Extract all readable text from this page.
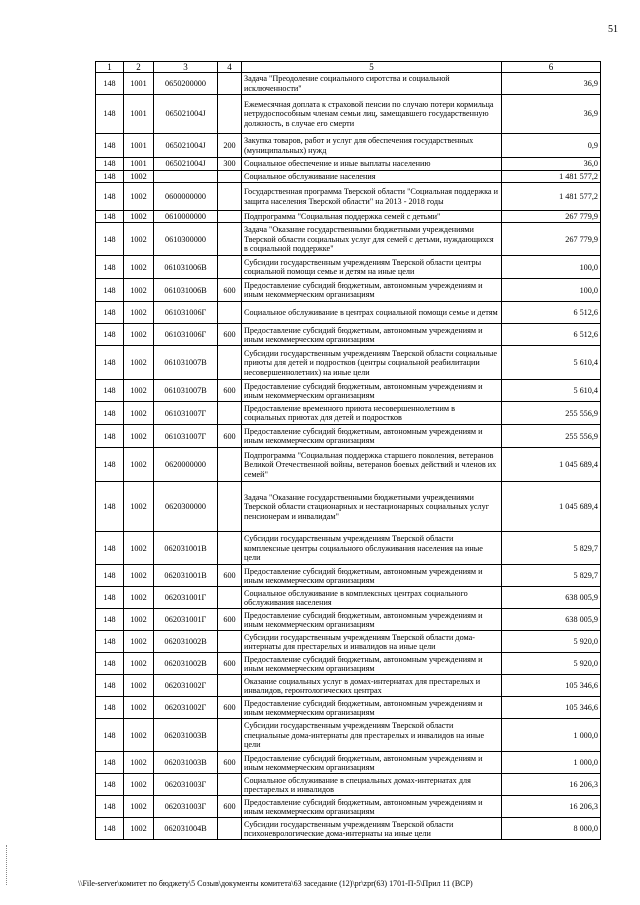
51
1	2	3	4	5	6
148	1001	0650200000		Задача "Преодоление социального сиротства и социальной исключенности"	36,9
148	1001	065021004J		Ежемесячная доплата к страховой пенсии по случаю потери кормильца нетрудоспособным членам семьи лиц, замещавшего государственную должность, в случае его смерти	36,9
148	1001	065021004J	200	Закупка товаров, работ и услуг для обеспечения государственных (муниципальных) нужд	0,9
148	1001	065021004J	300	Социальное обеспечение и иные выплаты населению	36,0
148	1002			Социальное обслуживание населения	1 481 577,2
148	1002	0600000000		Государственная программа Тверской области "Социальная поддержка и защита населения Тверской области" на 2013 - 2018 годы	1 481 577,2
148	1002	0610000000		Подпрограмма "Социальная поддержка семей с детьми"	267 779,9
148	1002	0610300000		Задача "Оказание государственными бюджетными учреждениями Тверской области социальных услуг для семей с детьми, нуждающихся в социальной поддержке"	267 779,9
148	1002	061031006В		Субсидии государственным учреждениям Тверской области центры социальной помощи семье и детям на иные цели	100,0
148	1002	061031006В	600	Предоставление субсидий бюджетным, автономным учреждениям и иным некоммерческим организациям	100,0
148	1002	061031006Г		Социальное обслуживание в центрах социальной помощи семье и детям	6 512,6
148	1002	061031006Г	600	Предоставление субсидий бюджетным, автономным учреждениям и иным некоммерческим организациям	6 512,6
148	1002	061031007В		Субсидии государственным учреждениям Тверской области социальные приюты для детей и подростков (центры социальной реабилитации несовершеннолетних) на иные цели	5 610,4
148	1002	061031007В	600	Предоставление субсидий бюджетным, автономным учреждениям и иным некоммерческим организациям	5 610,4
148	1002	061031007Г		Предоставление временного приюта несовершеннолетним в социальных приютах для детей и подростков	255 556,9
148	1002	061031007Г	600	Предоставление субсидий бюджетным, автономным учреждениям и иным некоммерческим организациям	255 556,9
148	1002	0620000000		Подпрограмма "Социальная поддержка старшего поколения, ветеранов Великой Отечественной войны, ветеранов боевых действий и членов их семей"	1 045 689,4
148	1002	0620300000		Задача "Оказание государственными бюджетными учреждениями Тверской области стационарных и нестационарных социальных услуг пенсионерам и инвалидам"	1 045 689,4
148	1002	062031001В		Субсидии государственным учреждениям Тверской области комплексные центры социального обслуживания населения на иные цели	5 829,7
148	1002	062031001В	600	Предоставление субсидий бюджетным, автономным учреждениям и иным некоммерческим организациям	5 829,7
148	1002	062031001Г		Социальное обслуживание в комплексных центрах социального обслуживания населения	638 005,9
148	1002	062031001Г	600	Предоставление субсидий бюджетным, автономным учреждениям и иным некоммерческим организациям	638 005,9
148	1002	062031002В		Субсидии государственным учреждениям Тверской области дома-интернаты для престарелых и инвалидов на иные цели	5 920,0
148	1002	062031002В	600	Предоставление субсидий бюджетным, автономным учреждениям и иным некоммерческим организациям	5 920,0
148	1002	062031002Г		Оказание социальных услуг в домах-интернатах для престарелых и инвалидов, геронтологических центрах	105 346,6
148	1002	062031002Г	600	Предоставление субсидий бюджетным, автономным учреждениям и иным некоммерческим организациям	105 346,6
148	1002	062031003В		Субсидии государственным учреждениям Тверской области специальные дома-интернаты для престарелых и инвалидов на иные цели	1 000,0
148	1002	062031003В	600	Предоставление субсидий бюджетным, автономным учреждениям и иным некоммерческим организациям	1 000,0
148	1002	062031003Г		Социальное обслуживание в специальных домах-интернатах для престарелых и инвалидов	16 206,3
148	1002	062031003Г	600	Предоставление субсидий бюджетным, автономным учреждениям и иным некоммерческим организациям	16 206,3
148	1002	062031004В		Субсидии государственным учреждениям Тверской области психоневрологические дома-интернаты на иные цели	8 000,0
\\File-server\комитет по бюджету\5 Созыв\документы комитета\63 заседание (12)\pr\zpr(63) 1701-П-5\Прил 11 (ВСР)
